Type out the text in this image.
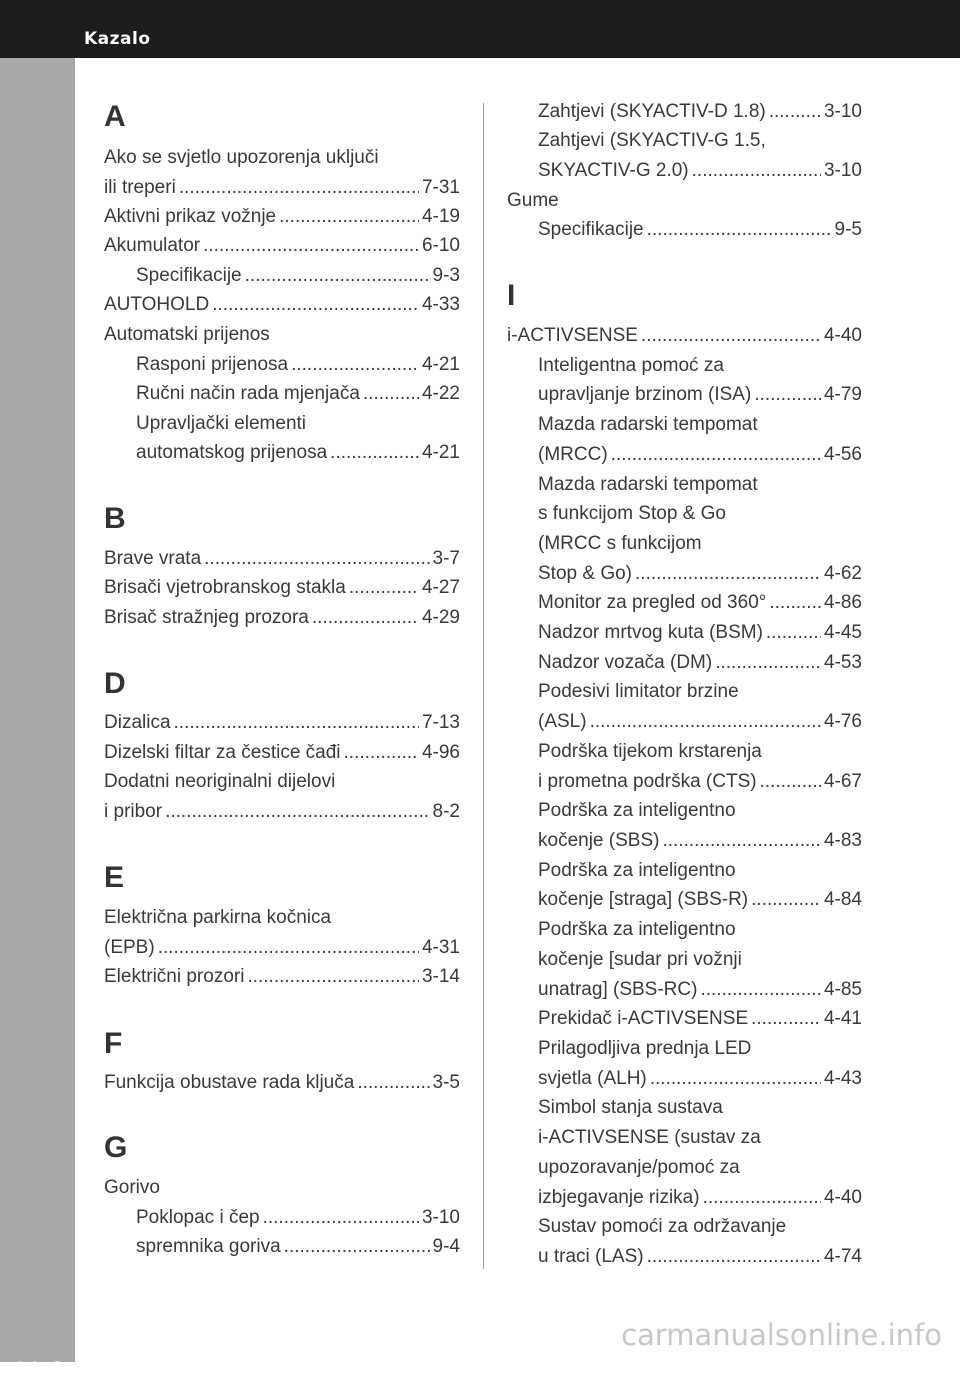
Kazalo
11-2
A
Ako se svjetlo upozorenja uključi
ili treperi .....	7-31
Aktivni prikaz vožnje .....	4-19
Akumulator .....	6-10
Specifikacije .....	9-3
AUTOHOLD .....	4-33
Automatski prijenos
Rasponi prijenosa .....	4-21
Ručni način rada mjenjača .....	4-22
Upravljački elementi
automatskog prijenosa .....	4-21
B
Brave vrata .....	3-7
Brisači vjetrobranskog stakla .....	4-27
Brisač stražnjeg prozora .....	4-29
D
Dizalica .....	7-13
Dizelski filtar za čestice čađi .....	4-96
Dodatni neoriginalni dijelovi
i pribor .....	8-2
E
Električna parkirna kočnica
(EPB) .....	4-31
Električni prozori .....	3-14
F
Funkcija obustave rada ključa .....	3-5
G
Gorivo
Poklopac i čep .....	3-10
spremnika goriva .....	9-4
Zahtjevi (SKYACTIV-D 1.8) .....	3-10
Zahtjevi (SKYACTIV-G 1.5,
SKYACTIV-G 2.0) .....	3-10
Gume
Specifikacije .....	9-5
I
i-ACTIVSENSE .....	4-40
Inteligentna pomoć za
upravljanje brzinom (ISA) .....	4-79
Mazda radarski tempomat
(MRCC) .....	4-56
Mazda radarski tempomat
s funkcijom Stop & Go
(MRCC s funkcijom
Stop & Go) .....	4-62
Monitor za pregled od 360° .....	4-86
Nadzor mrtvog kuta (BSM) .....	4-45
Nadzor vozača (DM) .....	4-53
Podesivi limitator brzine
(ASL) .....	4-76
Podrška tijekom krstarenja
i prometna podrška (CTS) .....	4-67
Podrška za inteligentno
kočenje (SBS) .....	4-83
Podrška za inteligentno
kočenje [straga] (SBS-R) .....	4-84
Podrška za inteligentno
kočenje [sudar pri vožnji
unatrag] (SBS-RC) .....	4-85
Prekidač i-ACTIVSENSE .....	4-41
Prilagodljiva prednja LED
svjetla (ALH) .....	4-43
Simbol stanja sustava
i-ACTIVSENSE (sustav za
upozoravanje/pomoć za
izbjegavanje rizika) .....	4-40
Sustav pomoći za održavanje
u traci (LAS) .....	4-74
carmanualsonline.info
